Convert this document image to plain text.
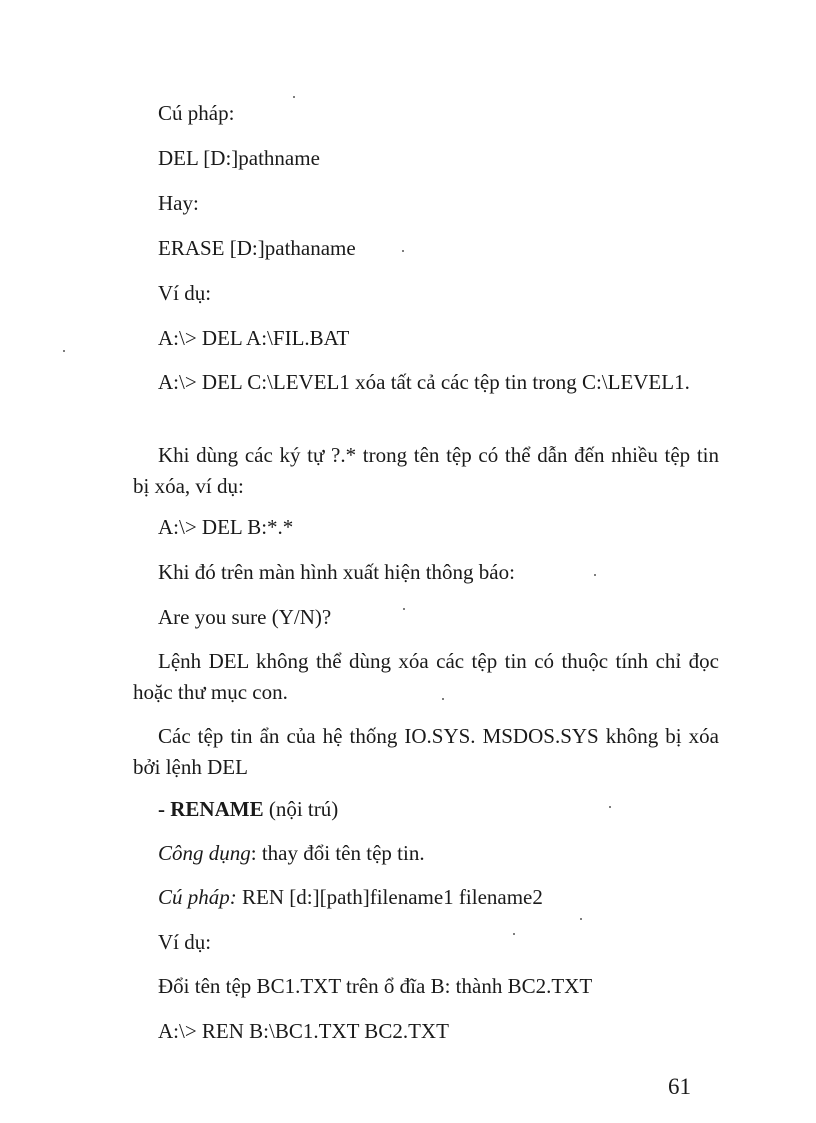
Cú pháp:
DEL [D:]pathname
Hay:
ERASE [D:]pathaname
Ví dụ:
A:\> DEL A:\FIL.BAT
A:\> DEL C:\LEVEL1 xóa tất cả các tệp tin trong C:\LEVEL1.
Khi dùng các ký tự ?.* trong tên tệp có thể dẫn đến nhiều tệp tin bị xóa, ví dụ:
A:\> DEL B:*.*
Khi đó trên màn hình xuất hiện thông báo:
Are you sure (Y/N)?
Lệnh DEL không thể dùng xóa các tệp tin có thuộc tính chỉ đọc hoặc thư mục con.
Các tệp tin ẩn của hệ thống IO.SYS. MSDOS.SYS không bị xóa bởi lệnh DEL
- RENAME (nội trú)
Công dụng: thay đổi tên tệp tin.
Cú pháp: REN [d:][path]filename1 filename2
Ví dụ:
Đổi tên tệp BC1.TXT trên ổ đĩa B: thành BC2.TXT
A:\> REN B:\BC1.TXT BC2.TXT
61
